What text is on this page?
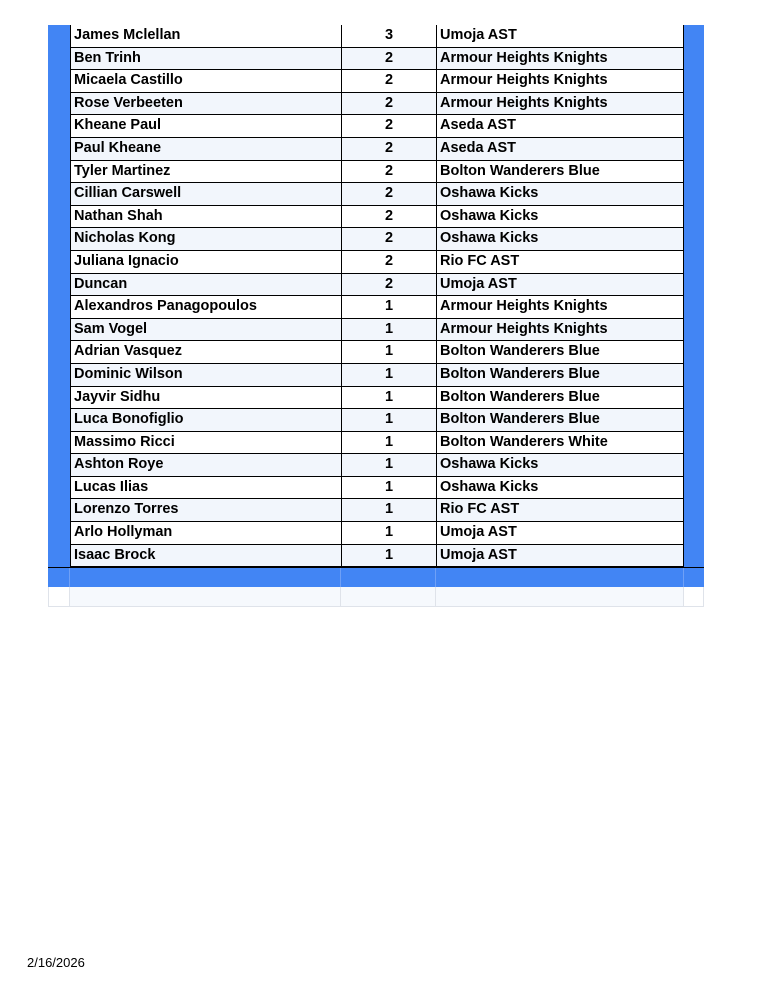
James Mclellan	3	Umoja AST
Ben Trinh	2	Armour Heights Knights
Micaela Castillo	2	Armour Heights Knights
Rose Verbeeten	2	Armour Heights Knights
Kheane Paul	2	Aseda AST
Paul Kheane	2	Aseda AST
Tyler Martinez	2	Bolton Wanderers Blue
Cillian Carswell	2	Oshawa Kicks
Nathan Shah	2	Oshawa Kicks
Nicholas Kong	2	Oshawa Kicks
Juliana Ignacio	2	Rio FC AST
Duncan	2	Umoja AST
Alexandros Panagopoulos	1	Armour Heights Knights
Sam Vogel	1	Armour Heights Knights
Adrian Vasquez	1	Bolton Wanderers Blue
Dominic Wilson	1	Bolton Wanderers Blue
Jayvir Sidhu	1	Bolton Wanderers Blue
Luca Bonofiglio	1	Bolton Wanderers Blue
Massimo Ricci	1	Bolton Wanderers White
Ashton Roye	1	Oshawa Kicks
Lucas Ilias	1	Oshawa Kicks
Lorenzo Torres	1	Rio FC AST
Arlo Hollyman	1	Umoja AST
Isaac Brock	1	Umoja AST
2/16/2026
